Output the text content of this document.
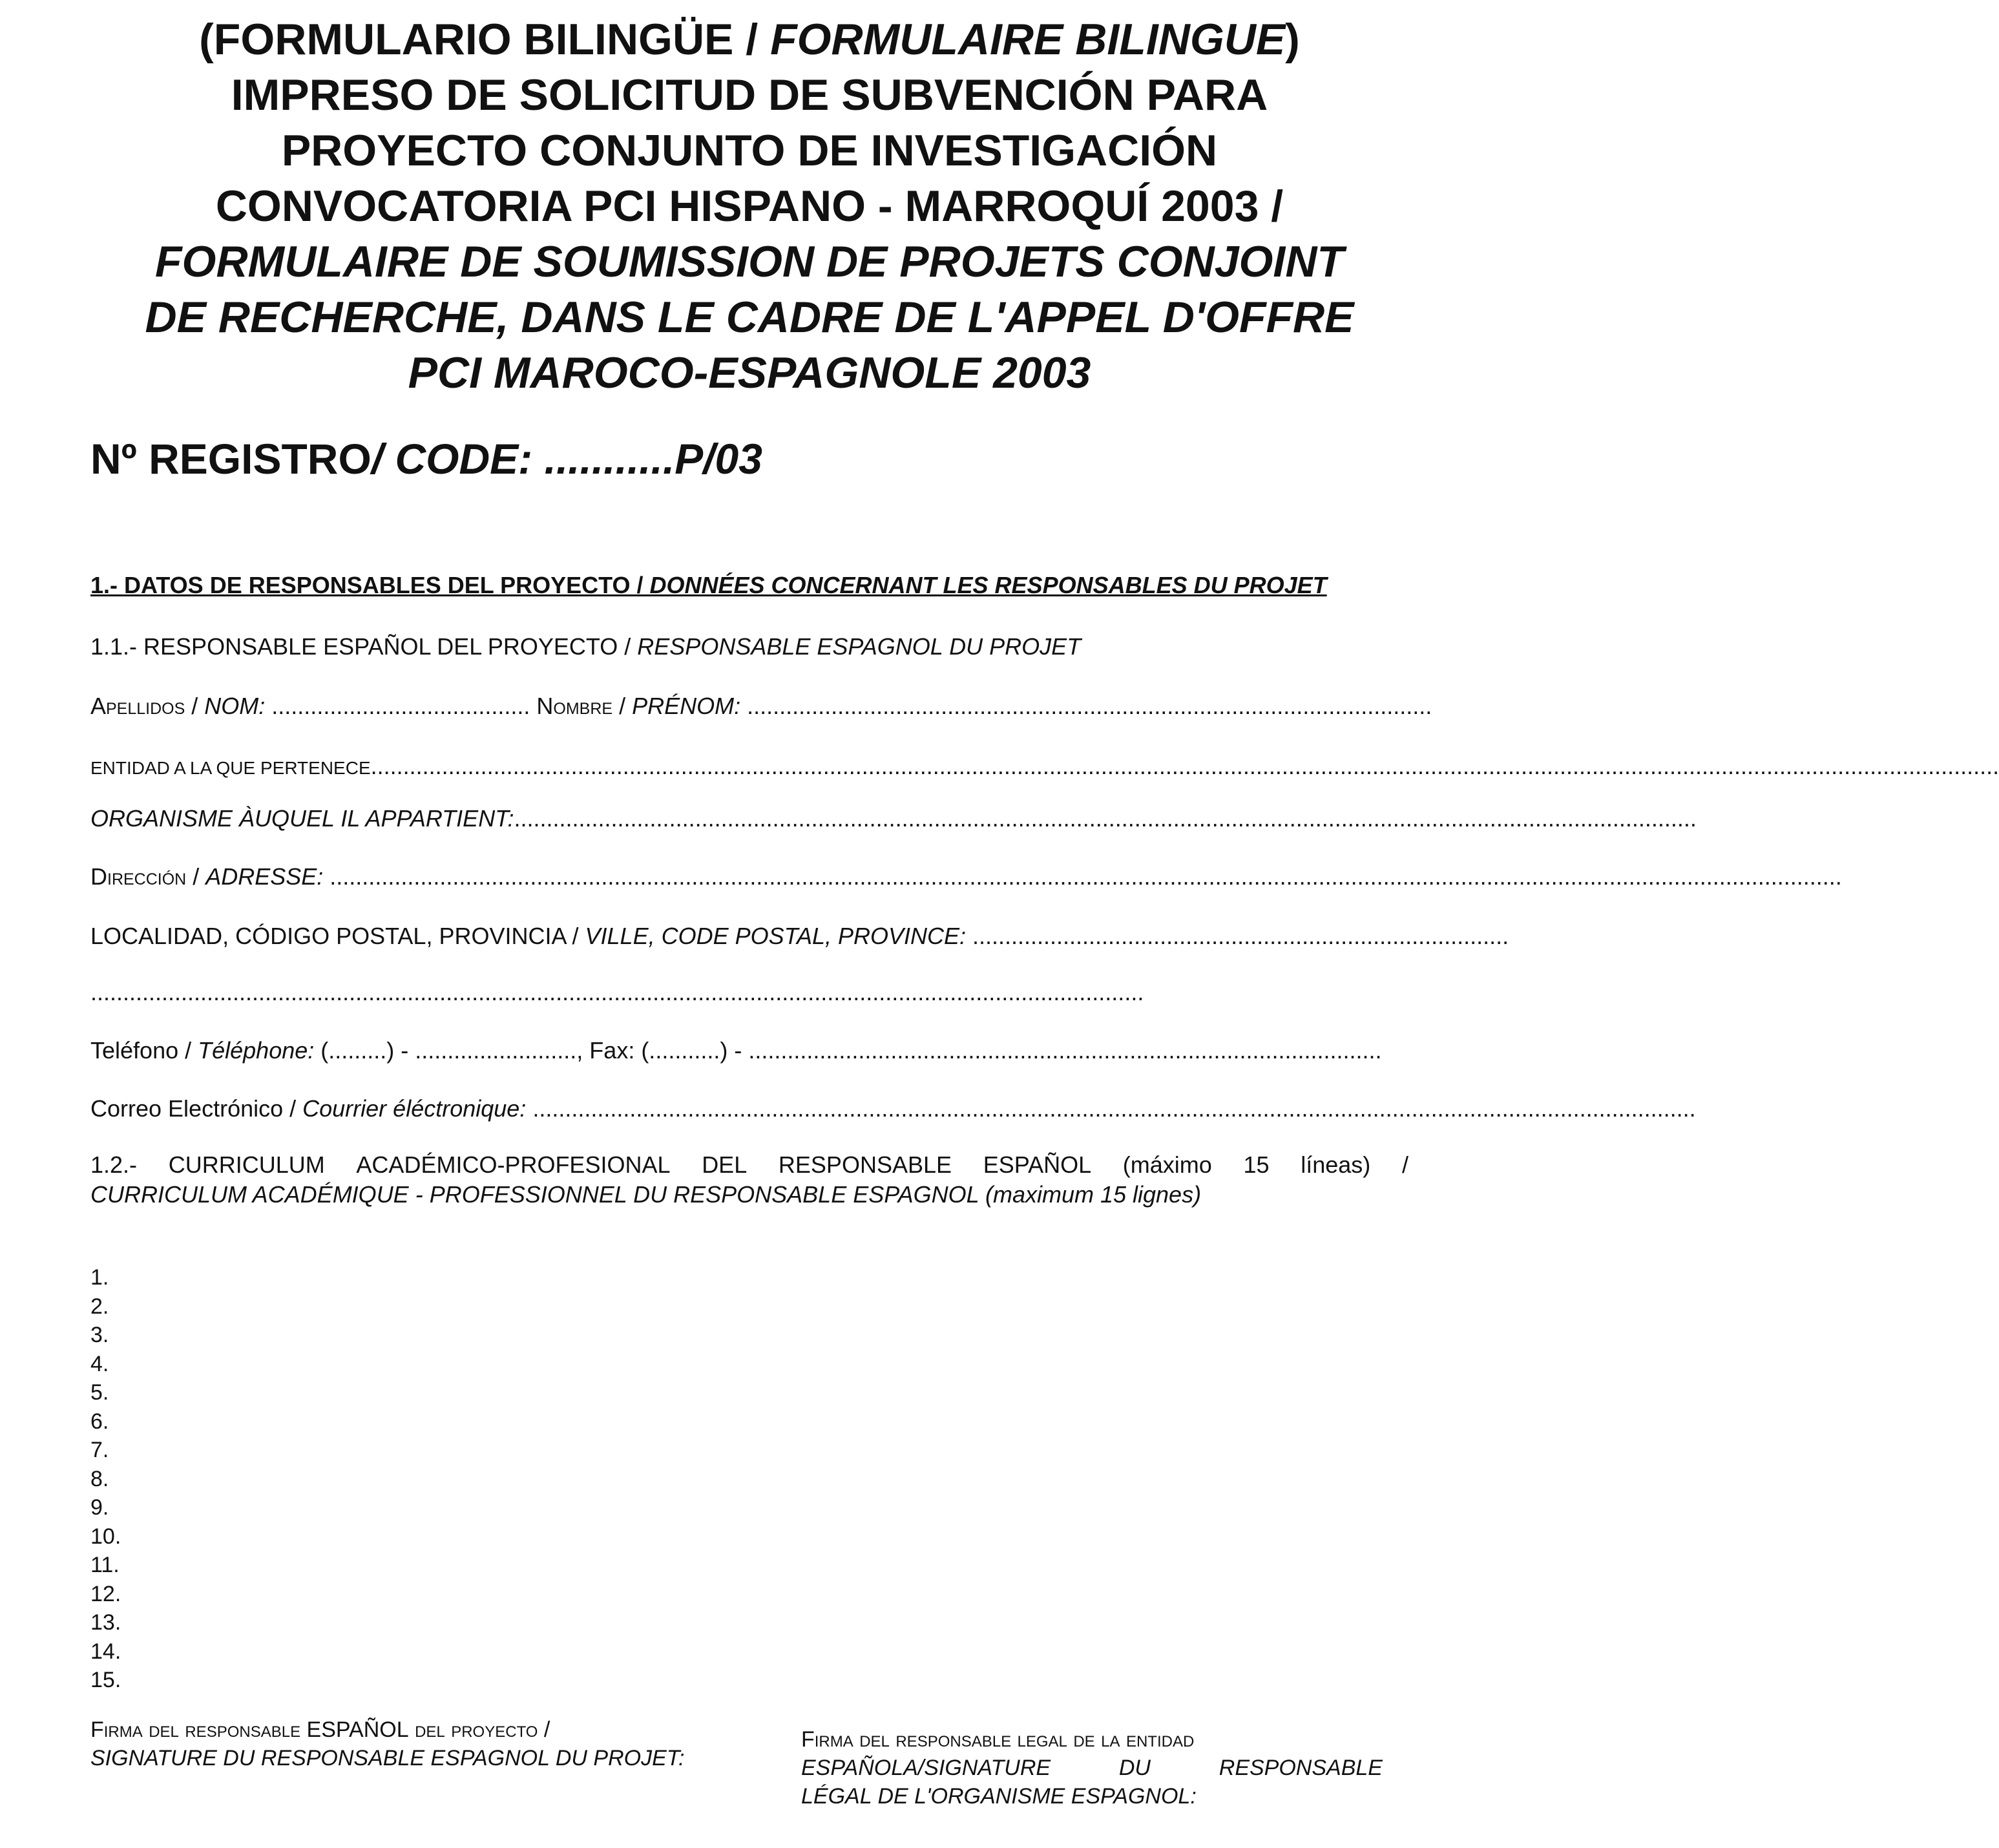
(FORMULARIO BILINGÜE / FORMULAIRE BILINGUE)
IMPRESO DE SOLICITUD DE SUBVENCIÓN PARA
PROYECTO CONJUNTO DE INVESTIGACIÓN
CONVOCATORIA PCI HISPANO - MARROQUÍ 2003 /
FORMULAIRE DE SOUMISSION DE PROJETS CONJOINT
DE RECHERCHE, DANS LE CADRE DE L'APPEL D'OFFRE
PCI MAROCO-ESPAGNOLE 2003
Nº REGISTRO/ CODE: ...........P/03
1.- DATOS DE RESPONSABLES DEL PROYECTO / DONNÉES CONCERNANT LES RESPONSABLES DU PROJET
1.1.- RESPONSABLE ESPAÑOL DEL PROYECTO / RESPONSABLE ESPAGNOL DU PROJET
Apellidos / NOM: ........................................ Nombre / PRÉNOM: ..........................................................................................................
ENTIDAD A LA QUE PERTENECE............................................................................................................................................................................................................................................................
ORGANISME ÀUQUEL IL APPARTIENT:.......................................................................................................................................................................................
Dirección / ADRESSE: ..........................................................................................................................................................................................................................................
LOCALIDAD, CÓDIGO POSTAL, PROVINCIA / VILLE, CODE POSTAL, PROVINCE: ...................................................................................
...................................................................................................................................................................
Teléfono / Téléphone: (.........) - ........................., Fax: (...........) - ..................................................................................................
Correo Electrónico / Courrier éléctronique: ....................................................................................................................................................................................
1.2.- CURRICULUM ACADÉMICO-PROFESIONAL DEL RESPONSABLE ESPAÑOL (máximo 15 líneas) /
CURRICULUM ACADÉMIQUE - PROFESSIONNEL DU RESPONSABLE ESPAGNOL (maximum 15 lignes)
1.
2.
3.
4.
5.
6.
7.
8.
9.
10.
11.
12.
13.
14.
15.
Firma del responsable ESPAÑOL del proyecto /
SIGNATURE DU RESPONSABLE ESPAGNOL DU PROJET:
Firma del responsable legal de la entidad
ESPAÑOLA/SIGNATURE	DU	RESPONSABLE
LÉGAL DE L'ORGANISME ESPAGNOL:
